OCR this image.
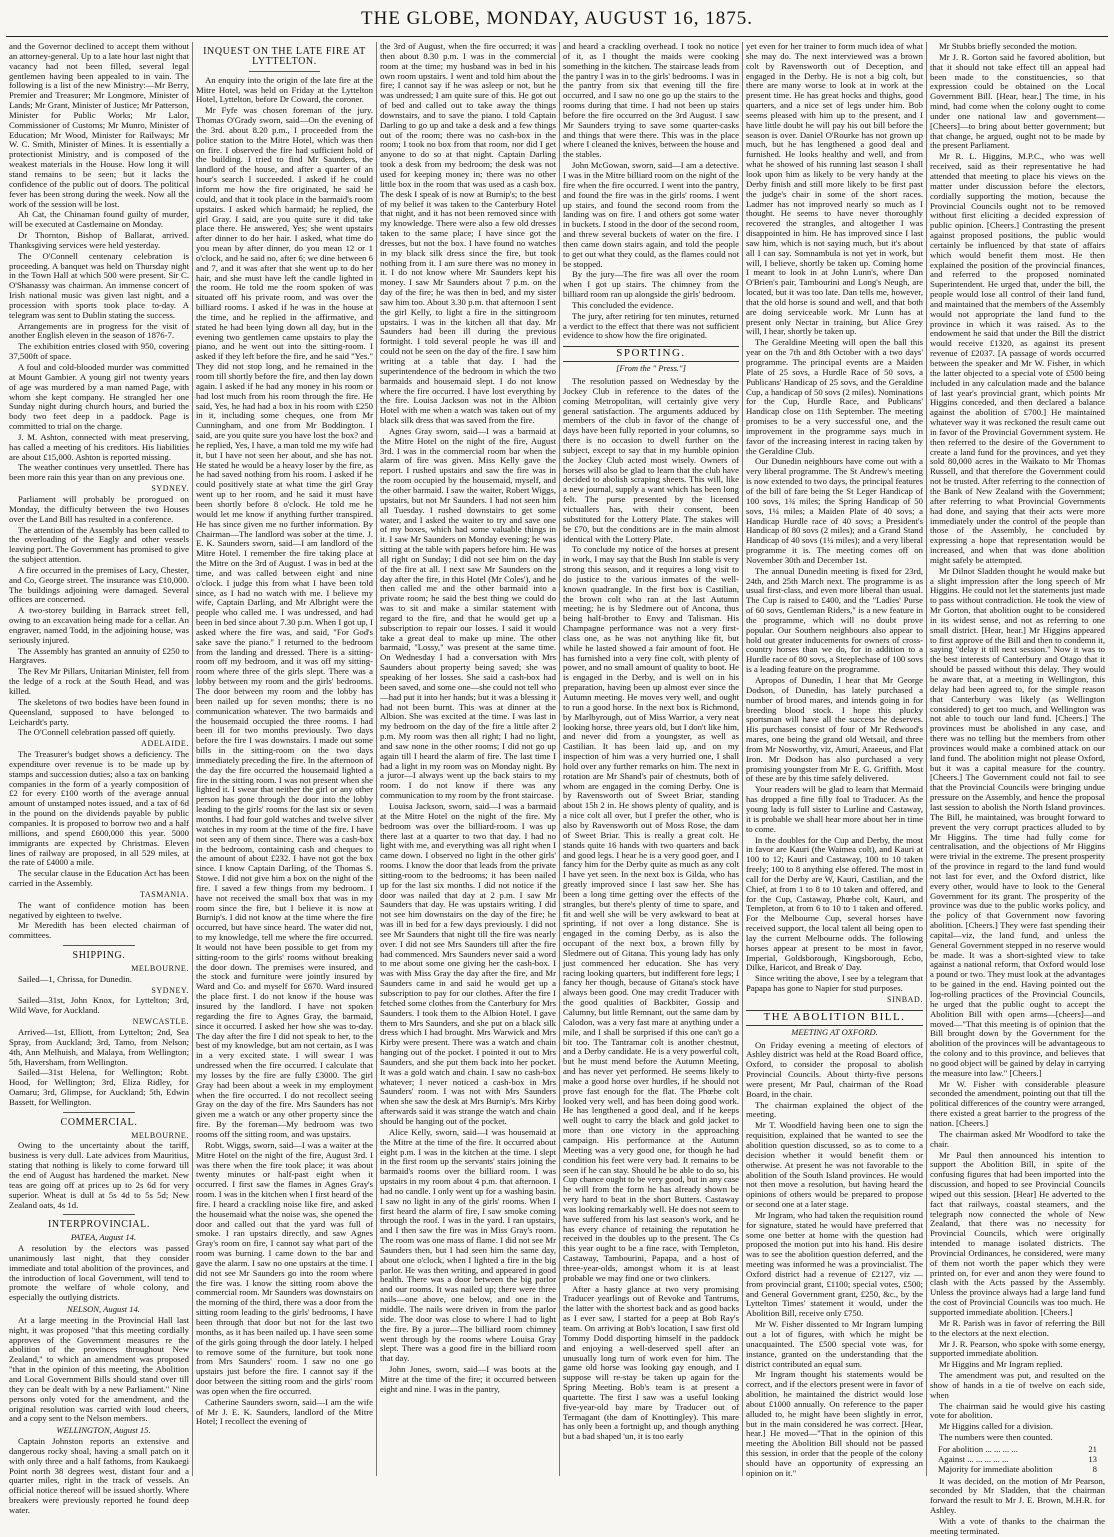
THE GLOBE, MONDAY, AUGUST 16, 1875.

and the Governor declined to accept them without an attorney-general. Up to a late hour last night that vacancy had not been filled, several legal gentlemen having been appealed to in vain. The following is a list of the new Ministry:—Mr Berry, Premier and Treasurer; Mr Longmore, Minister of Lands; Mr Grant, Minister of Justice; Mr Patterson, Minister for Public Works; Mr Lalor, Commissioner of Customs; Mr Munro, Minister of Education; Mr Wood, Minister for Railways; Mr W. C. Smith, Minister of Mines. It is essentially a protectionist Ministry, and is composed of the weakest materials in the House. How long it will stand remains to be seen; but it lacks the confidence of the public out of doors. The political fever has been strong during the week. Now all the work of the session will be lost.

Ah Cat, the Chinaman found guilty of murder, will be executed at Castlemaine on Monday.

Dr Thornton, Bishop of Ballarat, arrived. Thanksgiving services were held yesterday.

The O'Connell centenary celebration is proceeding. A banquet was held on Thursday night in the Town Hall at which 500 were present. Sir C. O'Shanassy was chairman. An immense concert of Irish national music was given last night, and a procession with sports took place to-day. A telegram was sent to Dublin stating the success.

Arrangements are in progress for the visit of another English eleven in the season of 1876-7.

The exhibition entries closed with 950, covering 37,500ft of space.

A foul and cold-blooded murder was committed at Mount Gambier. A young girl not twenty years of age was murdered by a man named Page, with whom she kept company. He strangled her one Sunday night during church hours, and buried the body two feet deep in a paddock. Page is committed to trial on the charge.

J. M. Ashton, connected with meat preserving, has called a meeting of his creditors. His liabilities are about £15,000. Ashton is reported missing.

The weather continues very unsettled. There has been more rain this year than on any previous one.

SYDNEY.

Parliament will probably be prorogued on Monday, the difficulty between the two Houses over the Land Bill has resulted in a conference.

The attention of the Assembly has been called to the overloading of the Eagly and other vessels leaving port. The Government has promised to give the subject attention.

A fire occurred in the premises of Lacy, Chester, and Co, George street. The insurance was £10,000. The buildings adjoining were damaged. Several offices are concerned.

A two-storey building in Barrack street fell, owing to an excavation being made for a cellar. An engraver, named Todd, in the adjoining house, was seriously injured.

The Assembly has granted an annuity of £250 to Hargraves.

The Rev Mr Pillars, Unitarian Minister, fell from the ledge of a rock at the South Head, and was killed.

The skeletons of two bodies have been found in Queensland, supposed to have belonged to Leichardt's party.

The O'Connell celebration passed off quietly.

ADELAIDE.

The Treasurer's budget shows a deficiency. The expenditure over revenue is to be made up by stamps and succession duties; also a tax on banking companies in the form of a yearly composition of £2 for every £100 worth of the average annual amount of unstamped notes issued, and a tax of 6d in the pound on the dividends payable by public companies. It is proposed to borrow two and a half millions, and spend £600,000 this year. 5000 immigrants are expected by Christmas. Eleven lines of railway are proposed, in all 529 miles, at the rate of £4000 a mile.

The secular clause in the Education Act has been carried in the Assembly.

TASMANIA.

The want of confidence motion has been negatived by eighteen to twelve.

Mr Meredith has been elected chairman of committees.

SHIPPING.

MELBOURNE.

Sailed—1, Chrissa, for Dunedin.

SYDNEY.

Sailed—31st, John Knox, for Lyttelton; 3rd, Wild Wave, for Auckland.

NEWCASTLE.

Arrived—1st, Elliott, from Lyttelton; 2nd, Sea Spray, from Auckland; 3rd, Tamo, from Nelson; 4th, Ann Melhuish, and Malaya, from Wellington; 5th, Haversham, from Wellington.

Sailed—31st Helena, for Wellington; Robt. Hood, for Wellington; 3rd, Eliza Ridley, for Oamaru; 3rd, Glimpse, for Auckland; 5th, Edwin Bassett, for Wellington.

COMMERCIAL.

MELBOURNE.

Owing to the uncertainty about the tariff, business is very dull. Late advices from Mauritius, stating that nothing is likely to come forward till the end of August has hardened the market. New teas are going off at prices up to 2s 6d for very superior. Wheat is dull at 5s 4d to 5s 5d; New Zealand oats, 4s 1d.

INTERPROVINCIAL.

PATEA, August 14.

A resolution by the electors was passed unanimously last night, that they consider immediate and total abolition of the provinces, and the introduction of local Government, will tend to promote the welfare of whole colony, and especially the outlying districts.

NELSON, August 14.

At a large meeting in the Provincial Hall last night, it was proposed "that this meeting cordially approves of the Government measures re the abolition of the provinces throughout New Zealand," to which an amendment was proposed "that in the opinion of this meeting, the Abolition and Local Government Bills should stand over till they can be dealt with by a new Parliament." Nine persons only voted for the amendment, and the original resolution was carried with loud cheers, and a copy sent to the Nelson members.

WELLINGTON, August 15.

Captain Johnston reports an extensive and dangerous rocky shoal, having a small patch on it with only three and a half fathoms, from Kaukaegi Point north 38 degrees west, distant four and a quarter miles, right in the track of vessels. An official notice thereof will be issued shortly. Where breakers were previously reported he found deep water.

INQUEST ON THE LATE FIRE AT LYTTELTON.

An enquiry into the origin of the late fire at the Mitre Hotel, was held on Friday at the Lyttelton Hotel, Lyttelton, before Dr Coward, the coroner.

Mr Fyfe was chosen foreman of the jury. Thomas O'Grady sworn, said—On the evening of the 3rd. about 8.20 p.m., I proceeded from the police station to the Mitre Hotel, which was then on fire. I observed the fire had sufficient hold of the building. I tried to find Mr Saunders, the landlord of the house, and after a quarter of an hour's search I succeeded. I asked if he could inform me how the fire originated, he said he could, and that it took place in the barmaid's room upstairs. I asked which barmaid; he replied, the girl Gray. I said, are you quite sure it did take place there. He answered, Yes; she went upstairs after dinner to do her hair. I asked, what time do you mean by after dinner, do you mean 12 or 1 o'clock, and he said no, after 6; we dine between 6 and 7, and it was after that she went up to do her hair, and she must have left the candle lighted in the room. He told me the room spoken of was situated off his private room, and was over the billiard rooms. I asked if he was in the house at the time, and he replied in the affirmative, and stated he had been lying down all day, but in the evening two gentlemen came upstairs to play the piano, and he went out into the sitting-room. I asked if they left before the fire, and he said "Yes." They did not stop long, and he remained in the room till shortly before the fire, and then lay down again. I asked if he had any money in his room or had lost much from his room through the fire. He said, Yes, he had had a box in his room with £250 in it, including some cheques, one from Mr Cunningham, and one from Mr Boddington. I said, are you quite sure you have lost the box? and he replied, Yes, I have, a man told me my wife had it, but I have not seen her about, and she has not. He stated he would be a heavy loser by the fire, as he had saved nothing from his room. I asked if he could positively state at what time the girl Gray went up to her room, and he said it must have been shortly before 8 o'clock. He told me he would let me know if anything further transpired. He has since given me no further information. By Chairman—The landlord was sober at the time. J. E. K. Saunders sworn, said—I am landlord of the Mitre Hotel. I remember the fire taking place at the Mitre on the 3rd of August. I was in bed at the time, and was called between eight and nine o'clock. I judge this from what I have been told since, as I had no watch with me. I believe my wife, Captain Darling, and Mr Albright were the people who called me. I was undressed, and had been in bed since about 7.30 p.m. When I got up, I asked where the fire was, and said, "For God's sake save the piano." I returned to the bedroom from the landing and dressed. There is a sitting-room off my bedroom, and it was off my sitting-room where three of the girls slept. There was a lobby between my room and the girls' bedrooms. The door between my room and the lobby has been nailed up for seven months; there is no communication whatever. The two barmaids and the housemaid occupied the three rooms. I had been ill for two months previously. Two days before the fire I was downstairs. I made out some bills in the sitting-room on the two days immediately preceding the fire. In the afternoon of the day the fire occurred the housemaid lighted a fire in the sitting room. I was not present when she lighted it. I swear that neither the girl or any other person has gone through the door into the lobby leading to the girls' rooms for the last six or seven months. I had four gold watches and twelve silver watches in my room at the time of the fire. I have not seen any of them since. There was a cash-box in the bedroom, containing cash and cheques to the amount of about £232. I have not got the box since. I know Captain Darling, of the Thomas S. Stowe. I did not give him a box on the night of the fire. I saved a few things from my bedroom. I have not received the small box that was in my room since the fire, but I believe it is now at Burnip's. I did not know at the time where the fire occurred, but have since heard. The water did not, to my knowledge, tell me where the fire occurred. It would not have been possible to get from my sitting-room to the girls' rooms without breaking the door down. The premises were insured, and the stock and furniture were jointly insured by Ward and Co. and myself for £670. Ward insured the place first. I do not know if the house was insured by the landlord. I have not spoken regarding the fire to Agnes Gray, the barmaid, since it occurred. I asked her how she was to-day. The day after the fire I did not speak to her, to the best of my knowledge, but am not certain, as I was in a very excited state. I will swear I was undressed when the fire occurred. I calculate that my losses by the fire are fully £3000. The girl Gray had been about a week in my employment when the fire occurred. I do not recollect seeing Gray on the day of the fire. Mrs Saunders has not given me a watch or any other property since the fire. By the foreman—My bedroom was two rooms off the sitting room, and was upstairs.

Robt. Wiggs, sworn, said—I was a waiter at the Mitre Hotel on the night of the fire, August 3rd. I was there when the fire took place; it was about twenty minutes or half-past eight when it occurred. I first saw the flames in Agnes Gray's room. I was in the kitchen when I first heard of the fire. I heard a crackling noise like fire, and asked the housemaid what the noise was, she opened the door and called out that the yard was full of smoke. I ran upstairs directly, and saw Agnes Gray's room on fire, I cannot say what part of the room was burning. I came down to the bar and gave the alarm. I saw no one upstairs at the time. I did not see Mr Saunders go into the room where the fire was. I know the sitting room above the commercial room. Mr Saunders was downstairs on the morning of the third, there was a door from the sitting room leading to the girls' bedrooms, I have been through that door but not for the last two months, as it has been nailed up. I have seen some of the girls going through the door lately. I helped to remove some of the furniture, but took none from Mrs Saunders' room. I saw no one go upstairs just before the fire. I cannot say if the door between the sitting room and the girls' room was open when the fire occurred.

Catherine Saunders sworn, said—I am the wife of Mr J. E. K. Saunders, landlord of the Mitre Hotel; I recollect the evening of

the 3rd of August, when the fire occurred; it was then about 8.30 p.m. I was in the commercial room at the time; my husband was in bed in his own room upstairs. I went and told him about the fire; I cannot say if he was asleep or not, but he was undressed; I am quite sure of this. He got out of bed and called out to take away the things downstairs, and to save the piano. I told Captain Darling to go up and take a desk and a few things out of the room; there was no cash-box in the room; I took no box from that room, nor did I get anyone to do so at that night. Captain Darling took a desk from my bedroom; the desk was not used for keeping money in; there was no other little box in the room that was used as a cash box. The desk I speak of is now at Burnip's; to the best of my belief it was taken to the Canterbury Hotel that night, and it has not been removed since with my knowledge. There were also a few old dresses taken to the same place; I have since got the dresses, but not the box. I have found no watches in my black silk dress since the fire, but took nothing from it. I am sure there was no money in it. I do not know where Mr Saunders kept his money. I saw Mr Saunders about 7 p.m. on the day of the fire; he was then in bed, and my sister saw him too. About 3.30 p.m. that afternoon I sent the girl Kelly, to light a fire in the sittingroom upstairs. I was in the kitchen all that day. Mr Saunders had been ill during the previous fortnight. I told several people he was ill and could not be seen on the day of the fire. I saw him writing at a table that day. I had the superintendence of the bedroom in which the two barmaids and housemaid slept. I do not know where the fire occurred. I have lost everything by the fire. Louisa Jackson was not in the Albion Hotel with me when a watch was taken out of my black silk dress that was saved from the fire.

Agnes Gray sworn, said—I was a barmaid at the Mitre Hotel on the night of the fire, August 3rd. I was in the commercial room bar when the alarm of fire was given. Miss Kelly gave the report. I rushed upstairs and saw the fire was in the room occupied by the housemaid, myself, and the other barmaid. I saw the waiter, Robert Wiggs, upstairs, but not Mr Saunders. I had not seen him all Tuesday. I rushed downstairs to get some water, and I asked the waiter to try and save one of my boxes, which had some valuable things in it. I saw Mr Saunders on Monday evening; he was sitting at the table with papers before him. He was all right on Sunday; I did not see him on the day of the fire at all. I next saw Mr Saunders on the day after the fire, in this Hotel (Mr Coles'), and he then called me and the other barmaid into a private room; he said the best thing we could do was to sit and make a similar statement with regard to the fire, and that he would get up a subscription to repair our losses. I said it would take a great deal to make up mine. The other barmaid, "Lossy," was present at the same time. On Wednesday I had a conversation with Mrs Saunders about property being saved; she was speaking of her losses. She said a cash-box had been saved, and some one—she could not tell who—had put it into her hands; but it was a blessing it had not been burnt. This was at dinner at the Albion. She was excited at the time. I was last in my bedroom on the day of the fire a little after 2 p.m. My room was then all right; I had no light, and saw none in the other rooms; I did not go up again till I heard the alarm of fire. The last time I had a light in my room was on Monday night. By a juror—I always went up the back stairs to my room. I do not know if there was any communication to my room by the front staircase.

Louisa Jackson, sworn, said—I was a barmaid at the Mitre Hotel on the night of the fire. My bedroom was over the billiard-room. I was up there last at a quarter to two that day. I had no light with me, and everything was all right when I came down. I observed no light in the other girls' rooms. I know the door that leads from the private sitting-room to the bedrooms; it has been nailed up for the last six months. I did not notice if the door was nailed that day at 2 p.m. I saw Mr Saunders that day. He was upstairs writing. I did not see him downstairs on the day of the fire; he was ill in bed for a few days previously. I did not see Mr Saunders that night till the fire was nearly over. I did not see Mrs Saunders till after the fire had commenced. Mrs Saunders never said a word to me about some one giving her the cash-box. I was with Miss Gray the day after the fire, and Mr Saunders came in and said he would get up a subscription to pay for our clothes. After the fire I fetched some clothes from the Canterbury for Mrs Saunders. I took them to the Albion Hotel. I gave them to Mrs Saunders, and she put on a black silk dress which I had brought. Mrs Warwick and Mrs Kirby were present. There was a watch and chain hanging out of the pocket. I pointed it out to Mrs Saunders, and she put them back into her pocket. It was a gold watch and chain. I saw no cash-box whatever; I never noticed a cash-box in Mrs Saunders' room. I was not with Mrs Saunders when she saw the desk at Mrs Burnip's. Mrs Kirby afterwards said it was strange the watch and chain should be hanging out of the pocket.

Alice Kelly, sworn, said—I was housemaid at the Mitre at the time of the fire. It occurred about eight p.m. I was in the kitchen at the time. I slept in the first room up the servants' stairs joining the barmaid's rooms over the billiard room. I was upstairs in my room about 4 p.m. that afternoon. I had no candle. I only went up for a washing basin. I saw no light in any of the girls' rooms. When I first heard the alarm of fire, I saw smoke coming through the roof. I was in the yard. I ran upstairs, and I then saw the fire was in Miss Gray's room. The room was one mass of flame. I did not see Mr Saunders then, but I had seen him the same day, about one o'clock, when I lighted a fire in the big parlor. He was then writing, and appeared in good health. There was a door between the big parlor and our rooms. It was nailed up; there were three nails—one above, one below, and one in the middle. The nails were driven in from the parlor side. The door was close to where I had to light the fire. By a juror—The billiard room chimney went through by the rooms where Louisa Gray slept. There was a good fire in the billiard room that day.

John Jones, sworn, said—I was boots at the Mitre at the time of the fire; it occurred between eight and nine. I was in the pantry,

and heard a crackling overhead. I took no notice of it, as I thought the maids were cooking something in the kitchen. The staircase leads from the pantry I was in to the girls' bedrooms. I was in the pantry from six that evening till the fire occurred, and I saw no one go up the stairs to the rooms during that time. I had not been up stairs before the fire occurred on the 3rd August. I saw Mr Saunders trying to save some quarter-casks and things that were there. This was in the place where I cleaned the knives, between the house and the stables.

John McGowan, sworn, said—I am a detective. I was in the Mitre billiard room on the night of the fire when the fire occurred. I went into the pantry, and found the fire was in the girls' rooms. I went up stairs, and found the second room from the landing was on fire. I and others got some water in buckets. I stood in the door of the second room, and threw several buckets of water on the fire. I then came down stairs again, and told the people to get out what they could, as the flames could not be stopped.

By the jury—The fire was all over the room when I got up stairs. The chimney from the billiard room ran up alongside the girls' bedroom.

This concluded the evidence.

The jury, after retiring for ten minutes, returned a verdict to the effect that there was not sufficient evidence to show how the fire originated.

SPORTING.
[From the " Press."]

The resolution passed on Wednesday by the Jockey Club in reference to the dates of the coming Metropolitan, will certainly give very general satisfaction. The arguments adduced by members of the club in favor of the change of days have been fully reported in your columns, so there is no occasion to dwell further on the subject, except to say that in my humble opinion the Jockey Club acted most wisely. Owners of horses will also be glad to learn that the club have decided to abolish scraping sheets. This will, like a new journal, supply a want which has been long felt. The purse presented by the licensed victuallers has, with their consent, been substituted for the Lottery Plate. The stakes will be £70, but the conditions are in the main almost identical with the Lottery Plate.

To conclude my notice of the horses at present in work, I may say that the Bush Inn stable is very strong this season, and it requires a long visit to do justice to the various inmates of the well-known quadrangle. In the first box is Castilian, the brown colt who ran at the last Autumn meeting; he is by Sledmere out of Ancona, thus being half-brother to Envy and Talisman. His Champagne performance was not a very first-class one, as he was not anything like fit, but while he lasted showed a fair amount of foot. He has furnished into a very fine colt, with plenty of power, and no small amount of quality to boot. He is engaged in the Derby, and is well on in his preparation, having been up almost ever since the Autumn meeting. He moves very well, and ought to run a good horse. In the next box is Richmond, by Marlbyrough, out of Miss Warrior, a very neat looking horse, three years old, but I don't like him, and never did from a youngster, as well as Castilian. It has been laid up, and on my inspection of him was a very hurried one, I shall hold over any further remarks on him. The next in rotation are Mr Shand's pair of chestnuts, both of whom are engaged in the coming Derby. One is by Ravensworth out of Sweet Briar, standing about 15h 2 in. He shows plenty of quality, and is a nice colt all over, but I prefer the other, who is also by Ravensworth out of Moss Rose, the dam of Sweet Briar. This is really a great colt. He stands quite 16 hands with two quarters and back and good legs. I hear he is a very good goer, and I fancy him for the Derby quite as much as any colt I have yet seen. In the next box is Gilda, who has greatly improved since I last saw her. She has been a long time getting over the effects of the strangles, but there's plenty of time to spare, and fit and well she will be very awkward to beat at sprinting, if not over a long distance. She is engaged in the coming Derby, as is also the occupant of the next box, a brown filly by Sledmere out of Gitana. This young lady has only just commenced her education. She has very racing looking quarters, but indifferent fore legs; I fancy her though, because of Gitana's stock have always been good. One may credit Traducer with the good qualities of Backbiter, Gossip and Calumny, but little Remnant, out the same dam by Calodon, was a very fast mare at anything under a mile, and I shall be surprised if this one can't go a bit too. The Tantramar colt is another chestnut, and a Derby candidate. He is a very powerful colt, but he must mend before the Autumn Meeting, and has never yet performed. He seems likely to make a good horse over hurdles, if he should not prove fast enough for the flat. The Phœbe colt looked very well, and has been doing good work. He has lengthened a good deal, and if he keeps well ought to carry the black and gold jacket to more than one victory in the approaching campaign. His performance at the Autumn Meeting was a very good one, for though he had condition his feet were very bad. It remains to be seen if he can stay. Should he be able to do so, his Cup chance ought to be very good, but in any case he will from the form he has already shown be very hard to beat in the short Butters. Castaway was looking remarkably well. He does not seem to have suffered from his last season's work, and he has every chance of retaining the reputation he received in the doubles up to the present. The Cs this year ought to be a fine race, with Templeton, Castaway, Tambourini, Papapa, and a host of three-year-olds, amongst whom it is at least probable we may find one or two clinkers.

After a hasty glance at two very promising Traducer yearlings out of Revoke and Tantrums, the latter with the shortest back and as good backs as I ever saw, I started for a peep at Bob Ray's team. On arriving at Bob's location, I saw first old Tommy Dodd disporting himself in the paddock and enjoying a well-deserved spell after an unusually long turn of work even for him. The game old horse was looking gay enough, and I suppose will re-stay be taken up again for the Spring Meeting. Bob's team is at present a quartette. The first I saw was a useful looking five-year-old bay mare by Traducer out of Termagant (the dam of Knottingley). This mare has only been a fortnight up, and though anything but a bad shaped 'un, it is too early

yet even for her trainer to form much idea of what she may do. The next interviewed was a brown colt by Ravensworth out of Deception, and engaged in the Derby. He is not a big colt, but there are many worse to look at in work at the present time. He has great hocks and thighs, good quarters, and a nice set of legs under him. Bob seems pleased with him up to the present, and I have little doubt he will pay his out bill before the season is over. Daniel O'Rourke has not grown up much, but he has lengthened a good deal and furnished. He looks healthy and well, and from what he showed of his running last season I shall look upon him as likely to be very handy at the Derby finish and still more likely to be first past the judge's chair in some of the short races. Ladmer has not improved nearly so much as I thought. He seems to have never thoroughly recovered the strangles, and altogether I was disappointed in him. He has improved since I last saw him, which is not saying much, but it's about all I can say. Somnambula is not yet in work, but will, I believe, shortly be taken up. Coming home I meant to look in at John Lunn's, where Dan O'Brien's pair, Tambourini and Long's Neugh, are located, but it was too late. Dan tells me, however, that the old horse is sound and well, and that both are doing serviceable work. Mr Lunn has at present only Nectar in training, but Alice Grey will, I hear, shortly be taken up.

The Geraldine Meeting will open the ball this year on the 7th and 8th October with a two days' programme. The principal events are a Maiden Plate of 25 sovs, a Hurdle Race of 50 sovs, a Publicans' Handicap of 25 sovs, and the Geraldine Cup, a handicap of 50 sovs (2 miles). Nominations for the Cup, Hurdle Race, and Publicans' Handicap close on 11th September. The meeting promises to be a very successful one, and the improvement in the programme says much in favor of the increasing interest in racing taken by the Geraldine Club.

Our Dunedin neighbours have come out with a very liberal programme. The St Andrew's meeting is now extended to two days, the principal features of the bill of fare being the St Leger Handicap of 100 sovs, 1¾ miles; the Spring Handicap of 50 sovs, 1¼ miles; a Maiden Plate of 40 sovs; a Handicap Hurdle race of 40 sovs; a President's Handicap of 80 sovs (2 miles); and a Grand Stand Handicap of 40 sovs (1¼ miles); and a very liberal programme it is. The meeting comes off on November 30th and December 1st.

The annual Dunedin meeting is fixed for 23rd, 24th, and 25th March next. The programme is as usual first-class, and even more liberal than usual. The Cup is raised to £400, and the "Ladies' Purse of 60 sovs, Gentleman Riders," is a new feature in the programme, which will no doubt prove popular. Our Southern neighbours also appear to hold out greater inducements for owners of cross-country horses than we do, for in addition to a Hurdle race of 80 sovs, a Steeplechase of 100 sovs is a leading feature on the programme.

Apropos of Dunedin, I hear that Mr George Dodson, of Dunedin, has lately purchased a number of brood mares, and intends going in for breeding blood stock. I hope this plucky sportsman will have all the success he deserves. His purchases consist of four of Mr Redwood's mares, one being the grand old Wetsail, and three from Mr Nosworthy, viz, Amuri, Araeeus, and Flat Iron. Mr Dodson has also purchased a very promising youngster from Mr E. G. Griffith. Most of these are by this time safely delivered.

Your readers will be glad to learn that Mermaid has dropped a fine filly foal to Traducer. As the young lady is full sister to Lurline and Castaway, it is probable we shall hear more about her in time to come.

In the doubles for the Cup and Derby, the most in favor are Kauri (the Waimea colt), and Kauri at 100 to 12; Kauri and Castaway, 100 to 10 taken freely; 100 to 8 anything else offered. The most in call for the Derby are W, Kauri, Castilian, and the Chief, at from 1 to 8 to 10 taken and offered, and for the Cup, Castaway, Phœbe colt, Kauri, and Templeton, at from 6 to 10 to 1 taken and offered. For the Melbourne Cup, several horses have received support, the local talent all being open to lay the current Melbourne odds. The following horses appear at present to be most in favor, Imperial, Goldsborough, Kingsborough, Ecbo, Dilke, Haricot, and Break o' Day.

Since writing the above, I see by a telegram that Papapa has gone to Napier for stud purposes.

SINBAD.

THE ABOLITION BILL.
MEETING AT OXFORD.

On Friday evening a meeting of electors of Ashley district was held at the Road Board office, Oxford, to consider the proposal to abolish Provincial Councils. About thirty-five persons were present, Mr Paul, chairman of the Road Board, in the chair.

The chairman explained the object of the meeting.

Mr T. Woodfield having been one to sign the requisition, explained that he wanted to see the abolition question discussed, so as to come to a decision whether it would benefit them or otherwise. At present he was not favorable to the abolition of the South Island provinces. He would not then move a resolution, but having heard the opinions of others would be prepared to propose or second one at a later stage.

Mr Ingram, who had taken the requisition round for signature, stated he would have preferred that some one better at home with the question had proposed the motion put into his hand. His desire was to see the abolition question deferred, and the meeting was informed he was a provincialist. The Oxford district had a revenue of £2127, viz —from provincial grant, £1100; special votes, £500; and General Government grant, £250, &c., by the Lyttelton Times' statement it would, under the Abolition Bill, receive only £750.

Mr W. Fisher dissented to Mr Ingram lumping out a lot of figures, with which he might be unacquainted. The £500 special vote was, for instance, granted on the understanding that the district contributed an equal sum.

Mr Ingram thought his statements would be correct, and if the electors present were in favor of abolition, he maintained the district would lose about £1000 annually. On reference to the paper alluded to, he might have been slightly in error, but in the main considered he was correct. [Hear, hear.] He moved—"That in the opinion of this meeting the Abolition Bill should not be passed this session, in order that the people of the colony should have an opportunity of expressing an opinion on it."

Mr Stubbs briefly seconded the motion.

Mr J. R. Gorton said he favored abolition, but that it should not take effect till an appeal had been made to the constituencies, so that expression could be obtained on the Local Government Bill. [Hear, hear.] The time, in his mind, had come when the colony ought to come under one national law and government—[Cheers]—to bring about better government; but that change, he argued, ought not to be made by the present Parliament.

Mr R. L. Higgins, M.P.C., who was well received, said as their representative he had attended that meeting to place his views on the matter under discussion before the electors, cordially supporting the motion, because the Provincial Councils ought not to be removed without first eliciting a decided expression of public opinion. [Cheers.] Contrasting the present against proposed positions, the public would certainly be influenced by that state of affairs which would benefit them most. He then explained the position of the provincial finances, and referred to the proposed nominated Superintendent. He urged that, under the bill, the people would lose all control of their land fund, and maintained that the members of the Assembly would not appropriate the land fund to the province in which it was raised. As to the endowment he said that under the Bill the district would receive £1320, as against its present revenue of £2037. [A passage of words occurred between the speaker and Mr W. Fisher, in which the latter objected to a special vote of £500 being included in any calculation made and the balance of last year's provincial grant, which points Mr Higgins conceded, and then declared a balance against the abolition of £700.] He maintained whatever way it was reckoned the result came out in favor of the Provincial Government system. He then referred to the desire of the Government to create a land fund for the provinces, and yet they sold 80,000 acres in the Waikato to Mr Thomas Russell, and that therefore the Government could not be trusted. After referring to the connection of the Bank of New Zealand with the Government; after referring to what Provincial Governments had done, and saying that their acts were more immediately under the control of the people than those of the Assembly, he concluded by expressing a hope that representation would be increased, and when that was done abolition might safely be attempted.

Mr Dilnot Sladden thought he would make but a slight impression after the long speech of Mr Higgins. He could not let the statements just made to pass without contradiction. He took the view of Mr Gorton, that abolition ought to be considered in its widest sense, and not as referring to one small district. [Hear, hear.] Mr Higgins appeared to first approve of the Bill and then to condemn it, saying "delay it till next session." Now it was to the best interests of Canterbury and Otago that it should be passed without this delay. They would be aware that, at a meeting in Wellington, this delay had been agreed to, for the simple reason that Canterbury was likely (as Wellington considered) to get too much, and Wellington was not able to touch our land fund. [Cheers.] The provinces must be abolished in any case, and there was no telling but the members from other provinces would make a combined attack on our land fund. The abolition might not please Oxford, but it was a capital measure for the country. [Cheers.] The Government could not fail to see that the Provincial Councils were bringing undue pressure on the Assembly, and hence the proposal last session to abolish the North Island provinces. The Bill, he maintained, was brought forward to prevent the very corrupt practices alluded to by Mr Higgins. The time had fully come for centralisation, and the objections of Mr Higgins were trivial in the extreme. The present prosperity of the province in regard to the land fund would not last for ever, and the Oxford district, like every other, would have to look to the General Government for its grant. The prosperity of the province was due to the public works policy, and the policy of that Government now favoring abolition. [Cheers.] They were fast spending their capital—viz, the land fund, and unless the General Government stepped in no reserve would be made. It was a short-sighted view to take against a national reform, that Oxford would lose a pound or two. They must look at the advantages to be gained in the end. Having pointed out the log-rolling practices of the Provincial Councils, he urged that the public ought to accept the Abolition Bill with open arms—[cheers]—and moved—"That this meeting is of opinion that the Bill brought down by the Government for the abolition of the provinces will be advantageous to the colony and to this province, and believes that no good object will be gained by delay in carrying the measure into law." [Cheers.]

Mr W. Fisher with considerable pleasure seconded the amendment, pointing out that till the political differences of the country were arranged, there existed a great barrier to the progress of the nation. [Cheers.]

The chairman asked Mr Woodford to take the chair.

Mr Paul then announced his intention to support the Abolition Bill, in spite of the confusing figures that had been imported into the discussion, and hoped to see Provincial Councils wiped out this session. [Hear] He adverted to the fact that railways, coastal steamers, and the telegraph now connected the whole of New Zealand, that there was no necessity for Provincial Councils, which were originally intended to manage isolated districts. The Provincial Ordinances, he considered, were many of them not worth the paper which they were printed on, for ever and anon they were found to clash with the Acts passed by the Assembly. Unless the province always had a large land fund the cost of Provincial Councils was too much. He supported immediate abolition. [Cheers.]

Mr R. Parish was in favor of referring the Bill to the electors at the next election.

Mr J. R. Pearson, who spoke with some energy, supported immediate abolition.

Mr Higgins and Mr Ingram replied.

The amendment was put, and resulted on the show of hands in a tie of twelve on each side, when

The chairman said he would give his casting vote for abolition.

Mr Higgins called for a division.

The numbers were then counted.

For abolition ... ... ... ...	21
Against ... ... ... ... ...	13
Majority for immediate abolition	8

It was decided, on the motion of Mr Pearson, seconded by Mr Sladden, that the chairman forward the result to Mr J. E. Brown, M.H.R. for Ashley.

With a vote of thanks to the chairman the meeting terminated.
